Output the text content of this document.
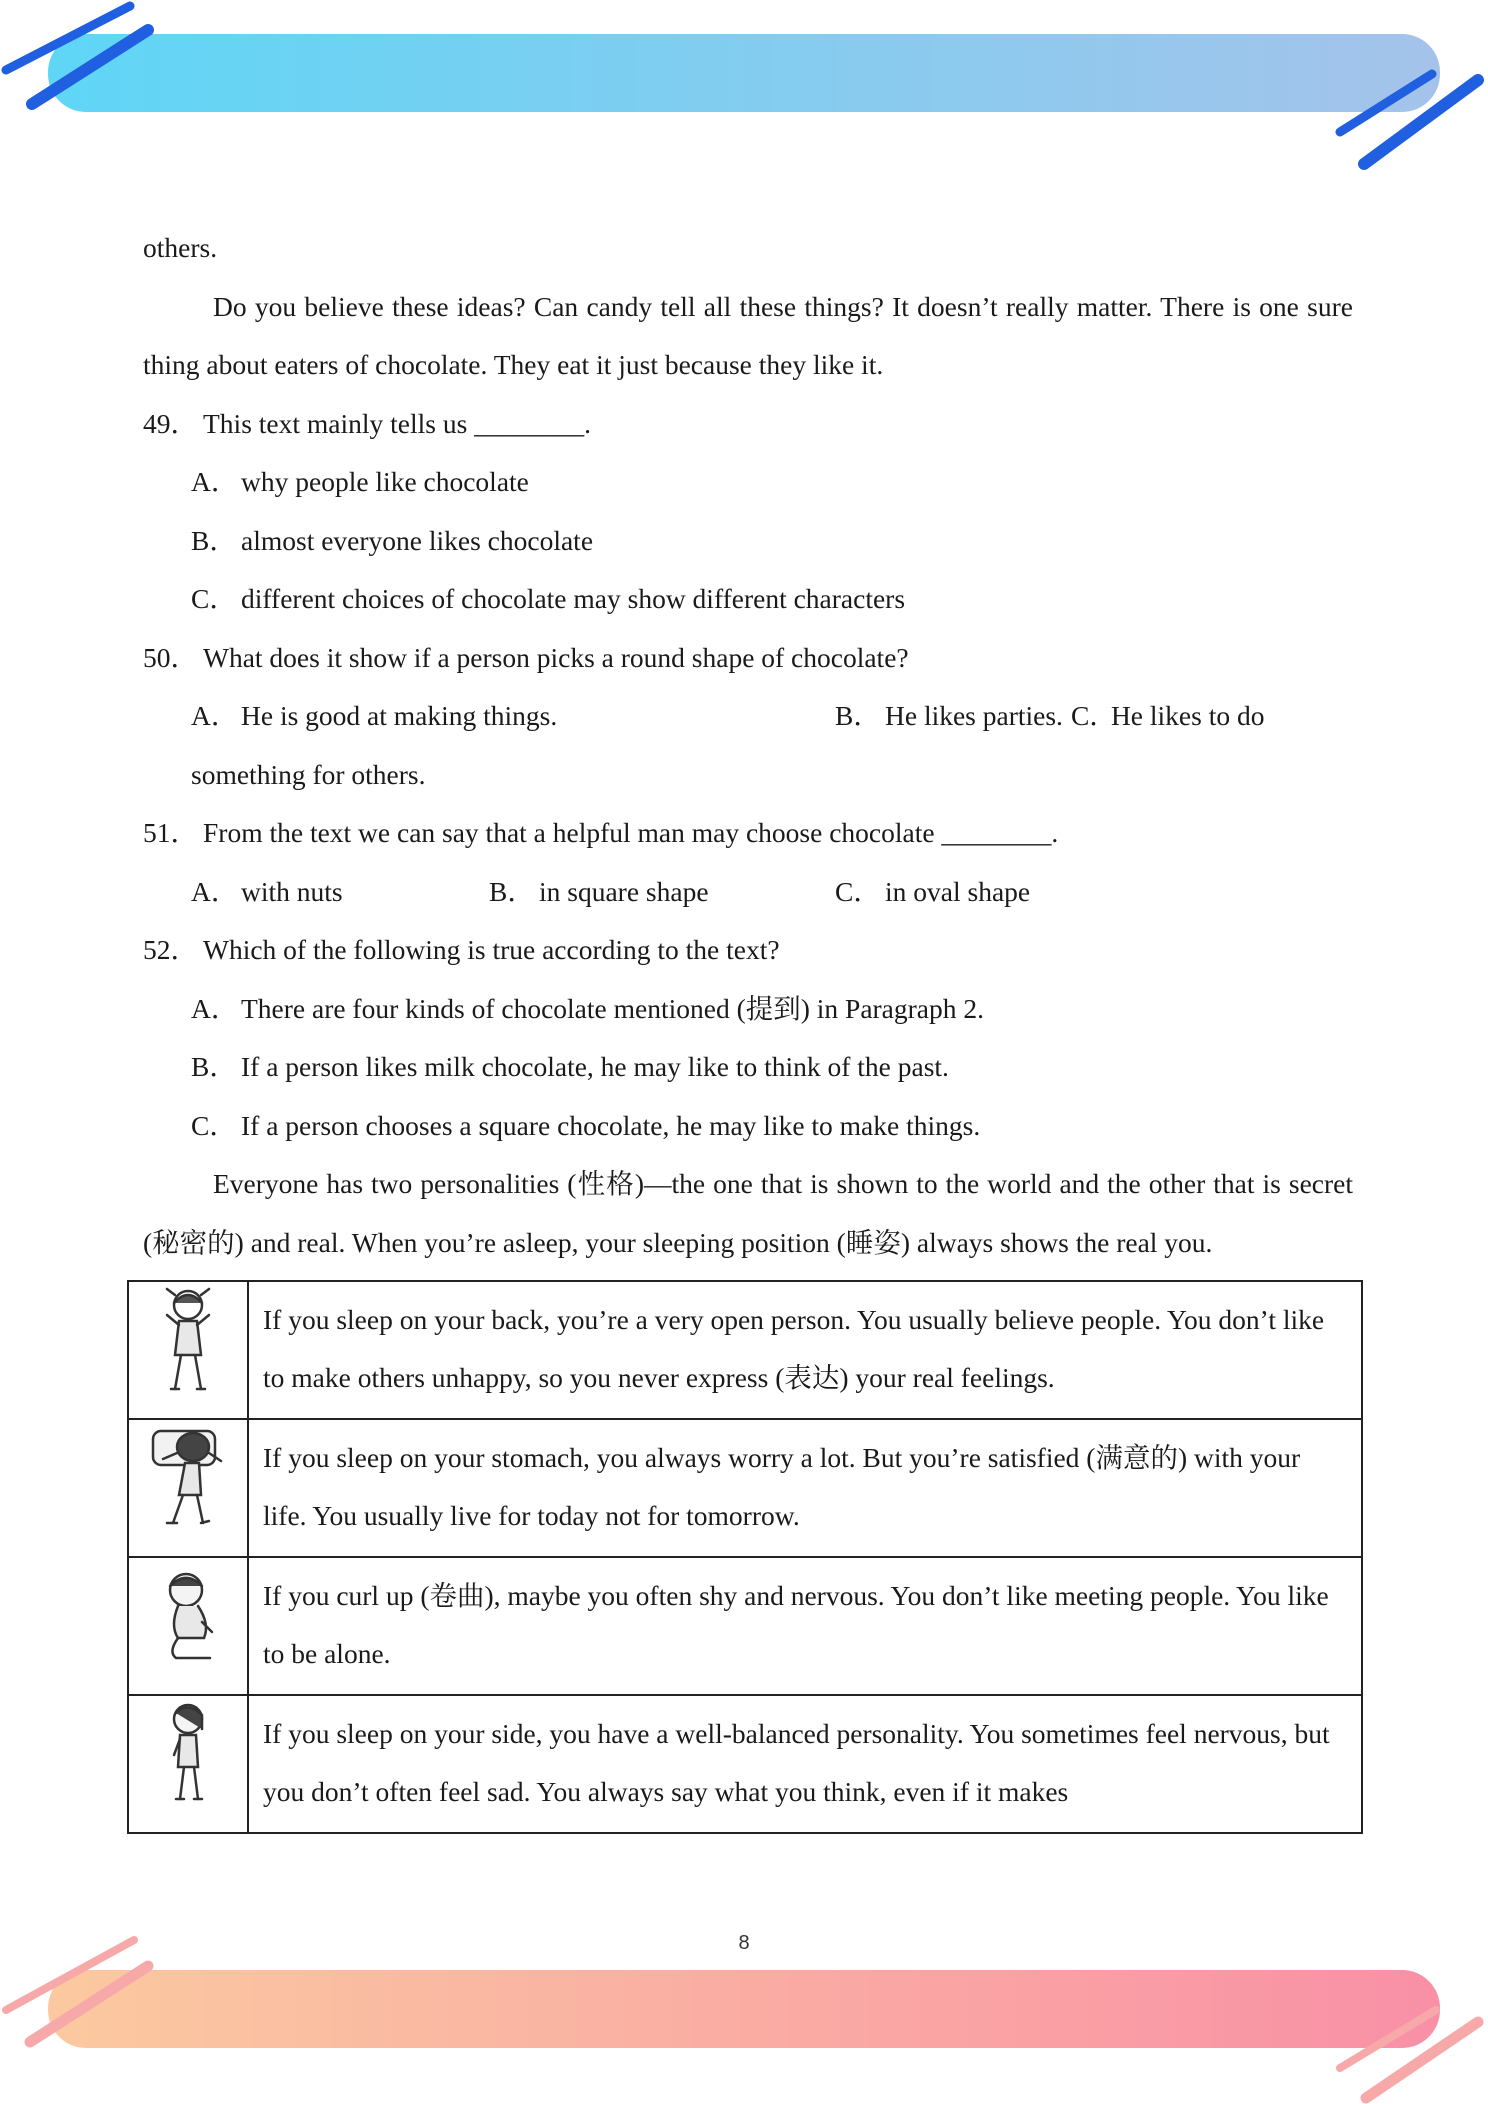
others.

Do you believe these ideas? Can candy tell all these things? It doesn’t really matter. There is one sure thing about eaters of chocolate. They eat it just because they like it.

49． This text mainly tells us ________.

A．why people like chocolate

B． almost everyone likes chocolate

C． different choices of chocolate may show different characters

50． What does it show if a person picks a round shape of chocolate?

A．He is good at making things.	B． He likes parties. C．He likes to do

something for others.

51． From the text we can say that a helpful man may choose chocolate ________.

A．with nuts	B． in square shape	C． in oval shape

52． Which of the following is true according to the text?

A．There are four kinds of chocolate mentioned (提到) in Paragraph 2.

B． If a person likes milk chocolate, he may like to think of the past.

C． If a person chooses a square chocolate, he may like to make things.

Everyone has two personalities (性格)—the one that is shown to the world and the other that is secret (秘密的) and real. When you’re asleep, your sleeping position (睡姿) always shows the real you.

	If you sleep on your back, you’re a very open person. You usually believe people. You don’t like to make others unhappy, so you never express (表达) your real feelings.
	If you sleep on your stomach, you always worry a lot. But you’re satisfied (满意的) with your life. You usually live for today not for tomorrow.
	If you curl up (卷曲), maybe you often shy and nervous. You don’t like meeting people. You like to be alone.
	If you sleep on your side, you have a well-balanced personality. You sometimes feel nervous, but you don’t often feel sad. You always say what you think, even if it makes
8
